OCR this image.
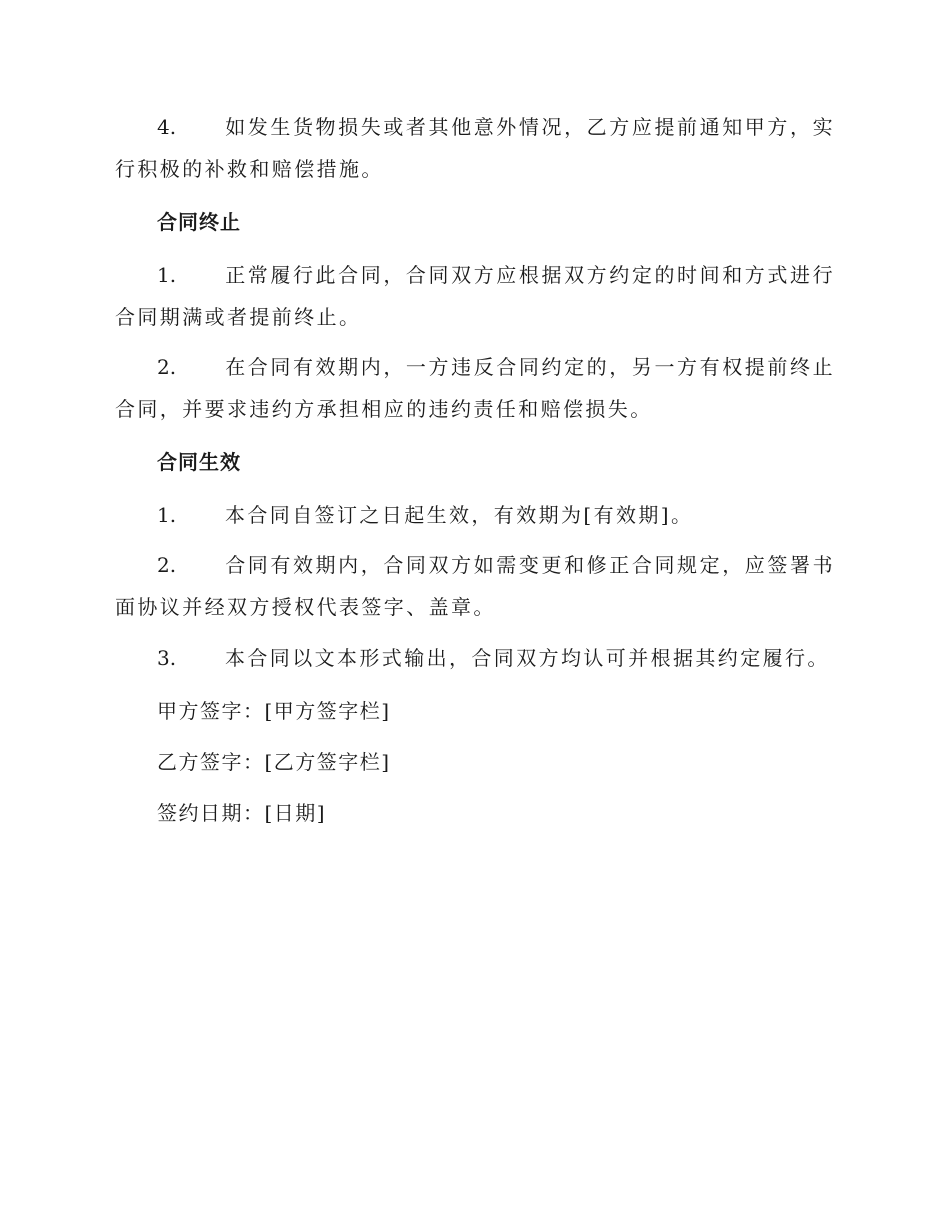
4. 如发生货物损失或者其他意外情况，乙方应提前通知甲方，实行积极的补救和赔偿措施。
合同终止
1. 正常履行此合同，合同双方应根据双方约定的时间和方式进行合同期满或者提前终止。
2. 在合同有效期内，一方违反合同约定的，另一方有权提前终止合同，并要求违约方承担相应的违约责任和赔偿损失。
合同生效
1. 本合同自签订之日起生效，有效期为[有效期]。
2. 合同有效期内，合同双方如需变更和修正合同规定，应签署书面协议并经双方授权代表签字、盖章。
3. 本合同以文本形式输出，合同双方均认可并根据其约定履行。
甲方签字：[甲方签字栏]
乙方签字：[乙方签字栏]
签约日期：[日期]
